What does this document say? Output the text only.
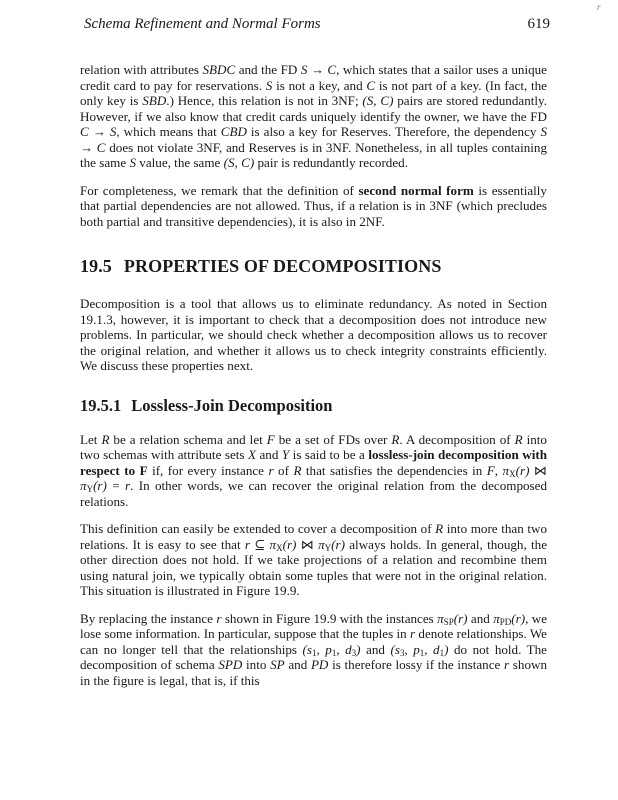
r
Schema Refinement and Normal Forms	619

relation with attributes SBDC and the FD S → C, which states that a sailor uses a unique credit card to pay for reservations. S is not a key, and C is not part of a key. (In fact, the only key is SBD.) Hence, this relation is not in 3NF; (S, C) pairs are stored redundantly. However, if we also know that credit cards uniquely identify the owner, we have the FD C → S, which means that CBD is also a key for Reserves. Therefore, the dependency S → C does not violate 3NF, and Reserves is in 3NF. Nonetheless, in all tuples containing the same S value, the same (S, C) pair is redundantly recorded.

For completeness, we remark that the definition of second normal form is essentially that partial dependencies are not allowed. Thus, if a relation is in 3NF (which precludes both partial and transitive dependencies), it is also in 2NF.

19.5 PROPERTIES OF DECOMPOSITIONS

Decomposition is a tool that allows us to eliminate redundancy. As noted in Section 19.1.3, however, it is important to check that a decomposition does not introduce new problems. In particular, we should check whether a decomposition allows us to recover the original relation, and whether it allows us to check integrity constraints efficiently. We discuss these properties next.

19.5.1 Lossless-Join Decomposition

Let R be a relation schema and let F be a set of FDs over R. A decomposition of R into two schemas with attribute sets X and Y is said to be a lossless-join decomposition with respect to F if, for every instance r of R that satisfies the dependencies in F, $\pi_X(r)$ ⋈ $\pi_Y(r) = r$. In other words, we can recover the original relation from the decomposed relations.

This definition can easily be extended to cover a decomposition of R into more than two relations. It is easy to see that r ⊆ $\pi_X(r)$ ⋈ $\pi_Y(r)$ always holds. In general, though, the other direction does not hold. If we take projections of a relation and recombine them using natural join, we typically obtain some tuples that were not in the original relation. This situation is illustrated in Figure 19.9.

By replacing the instance r shown in Figure 19.9 with the instances $\pi_{SP}(r)$ and $\pi_{PD}(r)$, we lose some information. In particular, suppose that the tuples in r denote relationships. We can no longer tell that the relationships ($s_1$, $p_1$, $d_3$) and ($s_3$, $p_1$, $d_1$) do not hold. The decomposition of schema SPD into SP and PD is therefore lossy if the instance r shown in the figure is legal, that is, if this
